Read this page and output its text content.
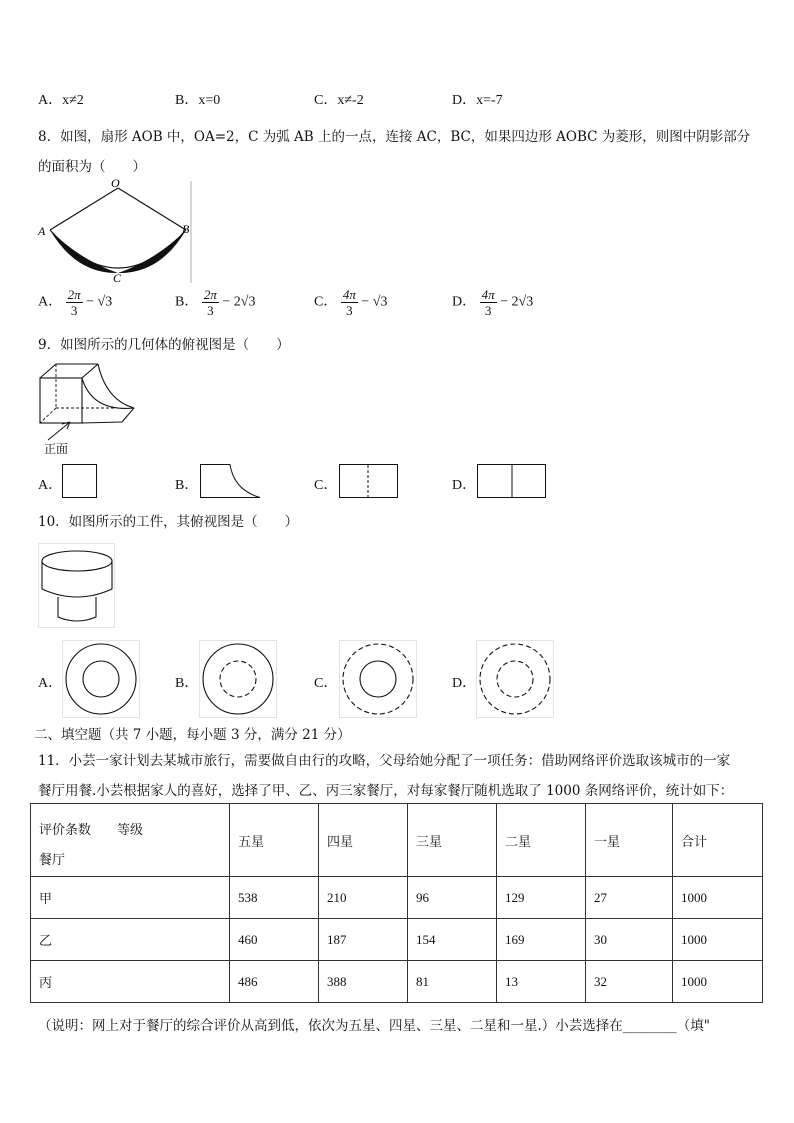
A．x≠2	B．x=0	C．x≠-2	D．x=-7
8．如图，扇形 AOB 中，OA=2，C 为弧 AB 上的一点，连接 AC，BC，如果四边形 AOBC 为菱形，则图中阴影部分
的面积为（　　）
O
A	B
C
A． $\frac{2\pi}{3} - √3$	B． $\frac{2\pi}{3} - 2√3$	C． $\frac{4\pi}{3} - √3$	D． $\frac{4\pi}{3} - 2√3$
9．如图所示的几何体的俯视图是（　　）
正面
A．	B．	C．	D．
10．如图所示的工件，其俯视图是（　　）
A．	B．	C．	D．
二、填空题（共 7 小题，每小题 3 分，满分 21 分）
11．小芸一家计划去某城市旅行，需要做自由行的攻略，父母给她分配了一项任务：借助网络评价选取该城市的一家
餐厅用餐.小芸根据家人的喜好，选择了甲、乙、丙三家餐厅，对每家餐厅随机选取了 1000 条网络评价，统计如下：
评价条数 等级
餐厅	五星	四星	三星	二星	一星	合计
甲	538	210	96	129	27	1000
乙	460	187	154	169	30	1000
丙	486	388	81	13	32	1000
（说明：网上对于餐厅的综合评价从高到低，依次为五星、四星、三星、二星和一星.）小芸选择在________（填"
